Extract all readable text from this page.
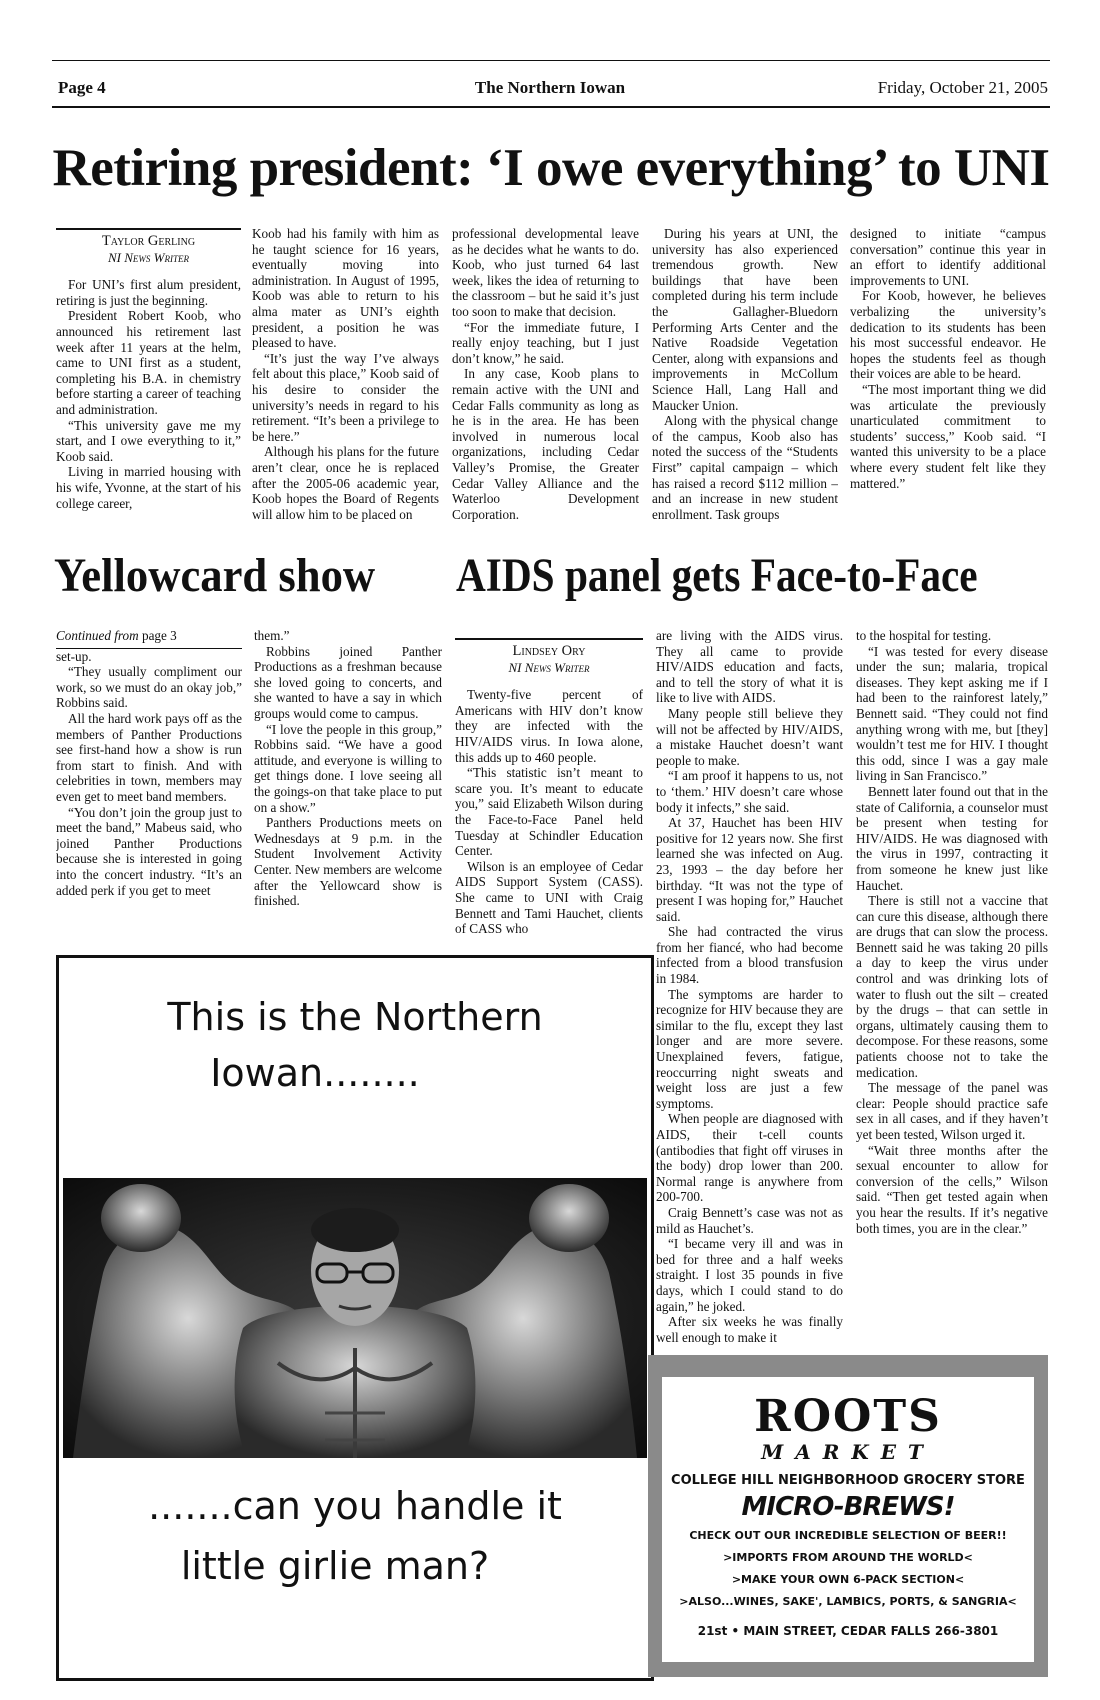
Page 4	The Northern Iowan	Friday, October 21, 2005
Retiring president: ‘I owe everything’ to UNI
Taylor Gerling
NI News Writer

For UNI’s first alum president, retiring is just the beginning.

President Robert Koob, who announced his retirement last week after 11 years at the helm, came to UNI first as a student, completing his B.A. in chemistry before starting a career of teaching and administration.

“This university gave me my start, and I owe everything to it,” Koob said.

Living in married housing with his wife, Yvonne, at the start of his college career,

Koob had his family with him as he taught science for 16 years, eventually moving into administration. In August of 1995, Koob was able to return to his alma mater as UNI’s eighth president, a position he was pleased to have.

“It’s just the way I’ve always felt about this place,” Koob said of his desire to consider the university’s needs in regard to his retirement. “It’s been a privilege to be here.”

Although his plans for the future aren’t clear, once he is replaced after the 2005-06 academic year, Koob hopes the Board of Regents will allow him to be placed on

professional developmental leave as he decides what he wants to do. Koob, who just turned 64 last week, likes the idea of returning to the classroom – but he said it’s just too soon to make that decision.

“For the immediate future, I really enjoy teaching, but I just don’t know,” he said.

In any case, Koob plans to remain active with the UNI and Cedar Falls community as long as he is in the area. He has been involved in numerous local organizations, including Cedar Valley’s Promise, the Greater Cedar Valley Alliance and the Waterloo Development Corporation.

During his years at UNI, the university has also experienced tremendous growth. New buildings that have been completed during his term include the Gallagher-Bluedorn Performing Arts Center and the Native Roadside Vegetation Center, along with expansions and improvements in McCollum Science Hall, Lang Hall and Maucker Union.

Along with the physical change of the campus, Koob also has noted the success of the “Students First” capital campaign – which has raised a record $112 million – and an increase in new student enrollment. Task groups

designed to initiate “campus conversation” continue this year in an effort to identify additional improvements to UNI.

For Koob, however, he believes verbalizing the university’s dedication to its students has been his most successful endeavor. He hopes the students feel as though their voices are able to be heard.

“The most important thing we did was articulate the previously unarticulated commitment to students’ success,” Koob said. “I wanted this university to be a place where every student felt like they mattered.”

Yellowcard show

Continued from page 3

set-up.

“They usually compliment our work, so we must do an okay job,” Robbins said.

All the hard work pays off as the members of Panther Productions see first-hand how a show is run from start to finish. And with celebrities in town, members may even get to meet band members.

“You don’t join the group just to meet the band,” Mabeus said, who joined Panther Productions because she is interested in going into the concert industry. “It’s an added perk if you get to meet

them.”

Robbins joined Panther Productions as a freshman because she loved going to concerts, and she wanted to have a say in which groups would come to campus.

“I love the people in this group,” Robbins said. “We have a good attitude, and everyone is willing to get things done. I love seeing all the goings-on that take place to put on a show.”

Panthers Productions meets on Wednesdays at 9 p.m. in the Student Involvement Activity Center. New members are welcome after the Yellowcard show is finished.

AIDS panel gets Face-to-Face
Lindsey Ory
NI News Writer

Twenty-five percent of Americans with HIV don’t know they are infected with the HIV/AIDS virus. In Iowa alone, this adds up to 460 people.

“This statistic isn’t meant to scare you. It’s meant to educate you,” said Elizabeth Wilson during the Face-to-Face Panel held Tuesday at Schindler Education Center.

Wilson is an employee of Cedar AIDS Support System (CASS). She came to UNI with Craig Bennett and Tami Hauchet, clients of CASS who

are living with the AIDS virus. They all came to provide HIV/AIDS education and facts, and to tell the story of what it is like to live with AIDS.

Many people still believe they will not be affected by HIV/AIDS, a mistake Hauchet doesn’t want people to make.

“I am proof it happens to us, not to ‘them.’ HIV doesn’t care whose body it infects,” she said.

At 37, Hauchet has been HIV positive for 12 years now. She first learned she was infected on Aug. 23, 1993 – the day before her birthday. “It was not the type of present I was hoping for,” Hauchet said.

She had contracted the virus from her fiancé, who had become infected from a blood transfusion in 1984.

The symptoms are harder to recognize for HIV because they are similar to the flu, except they last longer and are more severe. Unexplained fevers, fatigue, reoccurring night sweats and weight loss are just a few symptoms.

When people are diagnosed with AIDS, their t-cell counts (antibodies that fight off viruses in the body) drop lower than 200. Normal range is anywhere from 200-700.

Craig Bennett’s case was not as mild as Hauchet’s.

“I became very ill and was in bed for three and a half weeks straight. I lost 35 pounds in five days, which I could stand to do again,” he joked.

After six weeks he was finally well enough to make it

to the hospital for testing.

“I was tested for every disease under the sun; malaria, tropical diseases. They kept asking me if I had been to the rainforest lately,” Bennett said. “They could not find anything wrong with me, but [they] wouldn’t test me for HIV. I thought this odd, since I was a gay male living in San Francisco.”

Bennett later found out that in the state of California, a counselor must be present when testing for HIV/AIDS. He was diagnosed with the virus in 1997, contracting it from someone he knew just like Hauchet.

There is still not a vaccine that can cure this disease, although there are drugs that can slow the process. Bennett said he was taking 20 pills a day to keep the virus under control and was drinking lots of water to flush out the silt – created by the drugs – that can settle in organs, ultimately causing them to decompose. For these reasons, some patients choose not to take the medication.

The message of the panel was clear: People should practice safe sex in all cases, and if they haven’t yet been tested, Wilson urged it.

“Wait three months after the sexual encounter to allow for conversion of the cells,” Wilson said. “Then get tested again when you hear the results. If it’s negative both times, you are in the clear.”

This is the Northern
Iowan........
.......can you handle it
little girlie man?
ROOTS
MARKET
COLLEGE HILL NEIGHBORHOOD GROCERY STORE
MICRO-BREWS!
CHECK OUT OUR INCREDIBLE SELECTION OF BEER!!
>IMPORTS FROM AROUND THE WORLD<
>MAKE YOUR OWN 6-PACK SECTION<
>ALSO...WINES, SAKE', LAMBICS, PORTS, & SANGRIA<
21st • MAIN STREET, CEDAR FALLS 266-3801
